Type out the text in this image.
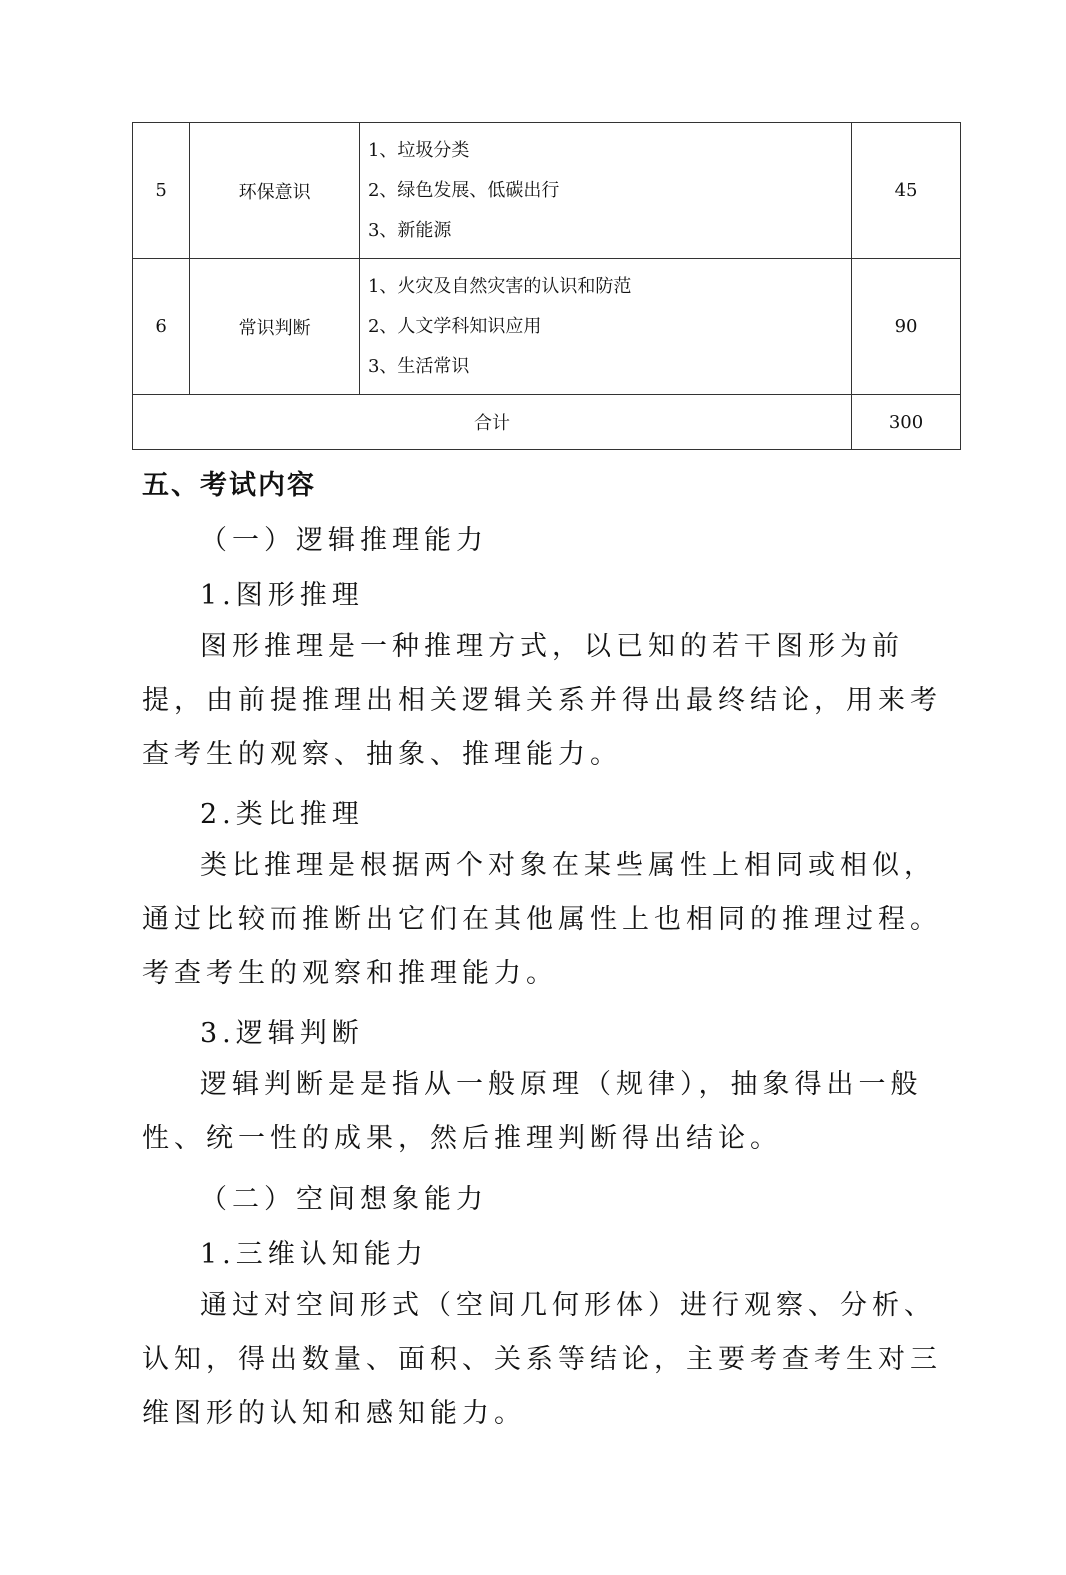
5	环保意识	1、垃圾分类
2、绿色发展、低碳出行
3、新能源	45
6	常识判断	1、火灾及自然灾害的认识和防范
2、人文学科知识应用
3、生活常识	90
合计			300
五、考试内容
（一）逻辑推理能力
1.图形推理
图形推理是一种推理方式，以已知的若干图形为前提，由前提推理出相关逻辑关系并得出最终结论，用来考查考生的观察、抽象、推理能力。
2.类比推理
类比推理是根据两个对象在某些属性上相同或相似，通过比较而推断出它们在其他属性上也相同的推理过程。考查考生的观察和推理能力。
3.逻辑判断
逻辑判断是是指从一般原理（规律），抽象得出一般性、统一性的成果，然后推理判断得出结论。
（二）空间想象能力
1.三维认知能力
通过对空间形式（空间几何形体）进行观察、分析、认知，得出数量、面积、关系等结论，主要考查考生对三维图形的认知和感知能力。
